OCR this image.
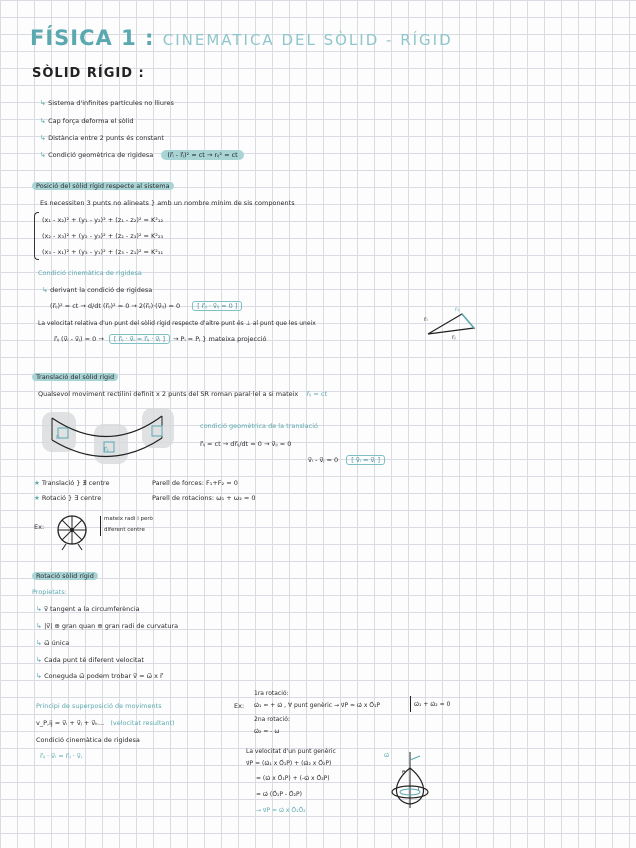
FÍSICA 1 : CINEMATICA DEL SÒLID - RÍGID
SÒLID RÍGID :
↳ Sistema d'infinites partícules no lliures
↳ Cap força deforma el sòlid
↳ Distància entre 2 punts és constant
↳ Condició geomètrica de rigidesa (r⃗ᵢ - r⃗ⱼ)² = ct → rᵢⱼ² = ct
Posició del sòlid rígid respecte al sistema
Es necessiten 3 punts no alineats } amb un nombre mínim de sis components
(x₁ - x₂)² + (y₁ - y₂)² + (z₁ - z₂)² = K²₁₂
(x₂ - x₃)² + (y₂ - y₃)² + (z₂ - z₃)² = K²₂₃
(x₃ - x₁)² + (y₃ - y₁)² + (z₃ - z₁)² = K²₃₁
Condició cinemàtica de rigidesa
↳ derivant la condició de rigidesa
(r⃗ᵢⱼ)² = ct → d/dt (r⃗ᵢⱼ)² = 0 → 2(r⃗ᵢⱼ)·(v⃗ᵢⱼ) = 0	[ r⃗ᵢⱼ · v⃗ᵢⱼ = 0 ]
La velocitat relativa d'un punt del sòlid rígid respecte d'altre punt és ⊥ al punt que les uneix
r⃗ᵢⱼ (v⃗ᵢ - v⃗ⱼ) = 0 → [ r⃗ᵢⱼ · v⃗ᵢ = r⃗ᵢⱼ · v⃗ⱼ ] → Pᵢ = Pⱼ } mateixa projecció
rᵢⱼ
rᵢ
rⱼ
Translació del sòlid rígid
Qualsevol moviment rectilini definit x 2 punts del SR roman paral·lel a si mateix r⃗ᵢⱼ = ct
r⃗ᵢ
r⃗ᵢⱼ
condició geomètrica de la translació
r⃗ᵢⱼ = ct → dr⃗ᵢⱼ/dt = 0 → v⃗ᵢⱼ = 0
v⃗ᵢ - v⃗ⱼ = 0 [ v⃗ᵢ = v⃗ⱼ ]
★ Translació } ∄ centre
★ Rotació } ∃ centre
Parell de forces: F₁+F₂ = 0
Parell de rotacions: ω₁ + ω₂ = 0
Ex:
mateix radi i però
diferent centre
Rotació sòlid rígid
Propietats:
↳ v⃗ tangent a la circumferència
↳ |v⃗| ⊕ gran quan ⊕ gran radi de curvatura
↳ ω⃗ única
↳ Cada punt té diferent velocitat
↳ Coneguda ω⃗ podem trobar v⃗ = ω⃗ x r⃗
Principi de superposició de moviments
v_P,ij = v⃗ᵢ + v⃗ⱼ + v⃗ₖ... (velocitat resultant)
Condició cinemàtica de rigidesa
r⃗ᵢⱼ · v⃗ᵢ = r⃗ᵢⱼ · v⃗ⱼ
Ex:
1ra rotació:
ω⃗₁ = + ω⃗ , ∀ punt genèric → v⃗P = ω⃗ x O⃗₁P	ω⃗₁ + ω⃗₂ = 0
2na rotació:
ω⃗₂ = - ω
La velocitat d'un punt genèric
v⃗P = (ω⃗₁ x O⃗₁P) + (ω⃗₂ x O⃗₂P)
= (ω⃗ x O⃗₁P) + (-ω⃗ x O⃗₂P)
= ω⃗ (O⃗₁P - O⃗₂P)
→ v⃗P = ω⃗ x O⃗₁O⃗₂
ω⃗
θ
r
